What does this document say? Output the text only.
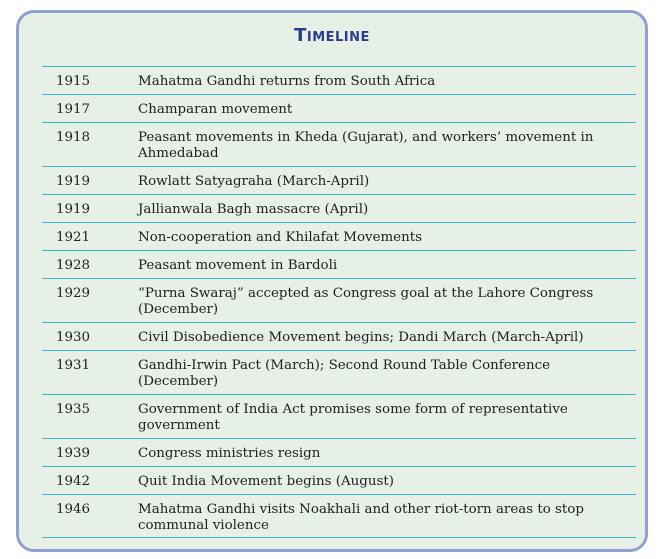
Timeline
1915	Mahatma Gandhi returns from South Africa
1917	Champaran movement
1918	Peasant movements in Kheda (Gujarat), and workers’ movement in Ahmedabad
1919	Rowlatt Satyagraha (March-April)
1919	Jallianwala Bagh massacre (April)
1921	Non-cooperation and Khilafat Movements
1928	Peasant movement in Bardoli
1929	“Purna Swaraj” accepted as Congress goal at the Lahore Congress (December)
1930	Civil Disobedience Movement begins; Dandi March (March-April)
1931	Gandhi-Irwin Pact (March); Second Round Table Conference (December)
1935	Government of India Act promises some form of representative government
1939	Congress ministries resign
1942	Quit India Movement begins (August)
1946	Mahatma Gandhi visits Noakhali and other riot-torn areas to stop communal violence
